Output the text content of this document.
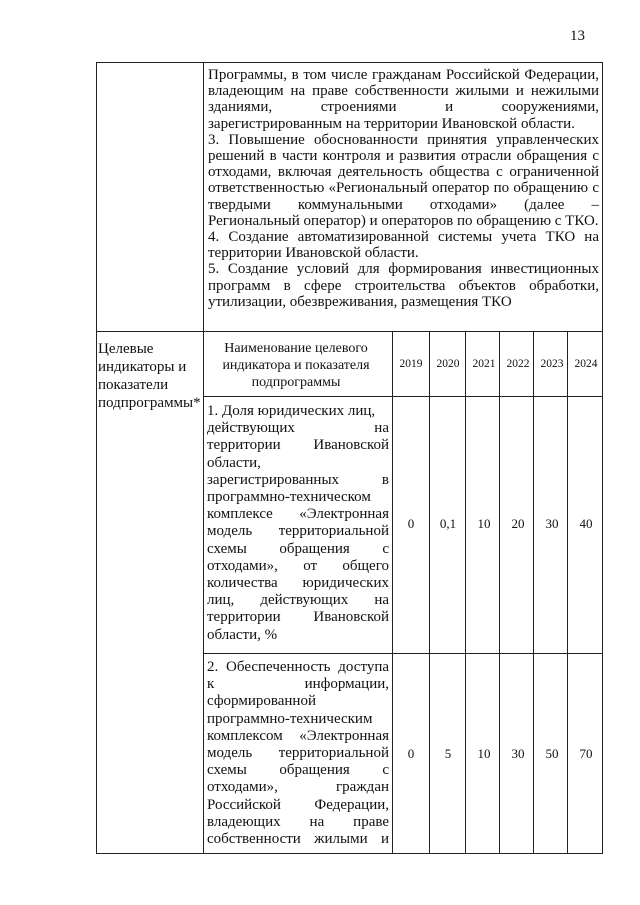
13
Программы, в том числе гражданам Российской Федерации,
владеющим на праве собственности жилыми и нежилыми
зданиями, строениями и сооружениями,
зарегистрированным на территории Ивановской области.
3. Повышение обоснованности принятия управленческих
решений в части контроля и развития отрасли обращения с
отходами, включая деятельность общества с ограниченной
ответственностью «Региональный оператор по обращению с
твердыми коммунальными отходами» (далее –
Региональный оператор) и операторов по обращению с ТКО.
4. Создание автоматизированной системы учета ТКО на
территории Ивановской области.
5. Создание условий для формирования инвестиционных
программ в сфере строительства объектов обработки,
утилизации, обезвреживания, размещения ТКО
Целевые индикаторы и показатели подпрограммы*
Наименование целевого индикатора и показателя подпрограммы
2019	2020	2021 2022 2023 2024
1. Доля юридических лиц,
действующих на
территории Ивановской
области,
зарегистрированных в
программно-техническом
комплексе «Электронная
модель территориальной
схемы обращения с
отходами», от общего
количества юридических
лиц, действующих на
территории Ивановской
области, %
0	0,1	10	20	30	40
2. Обеспеченность доступа
к информации,
сформированной
программно-техническим
комплексом «Электронная
модель территориальной
схемы обращения с
отходами», граждан
Российской Федерации,
владеющих на праве
собственности жилыми и
0	5	10	30	50	70
